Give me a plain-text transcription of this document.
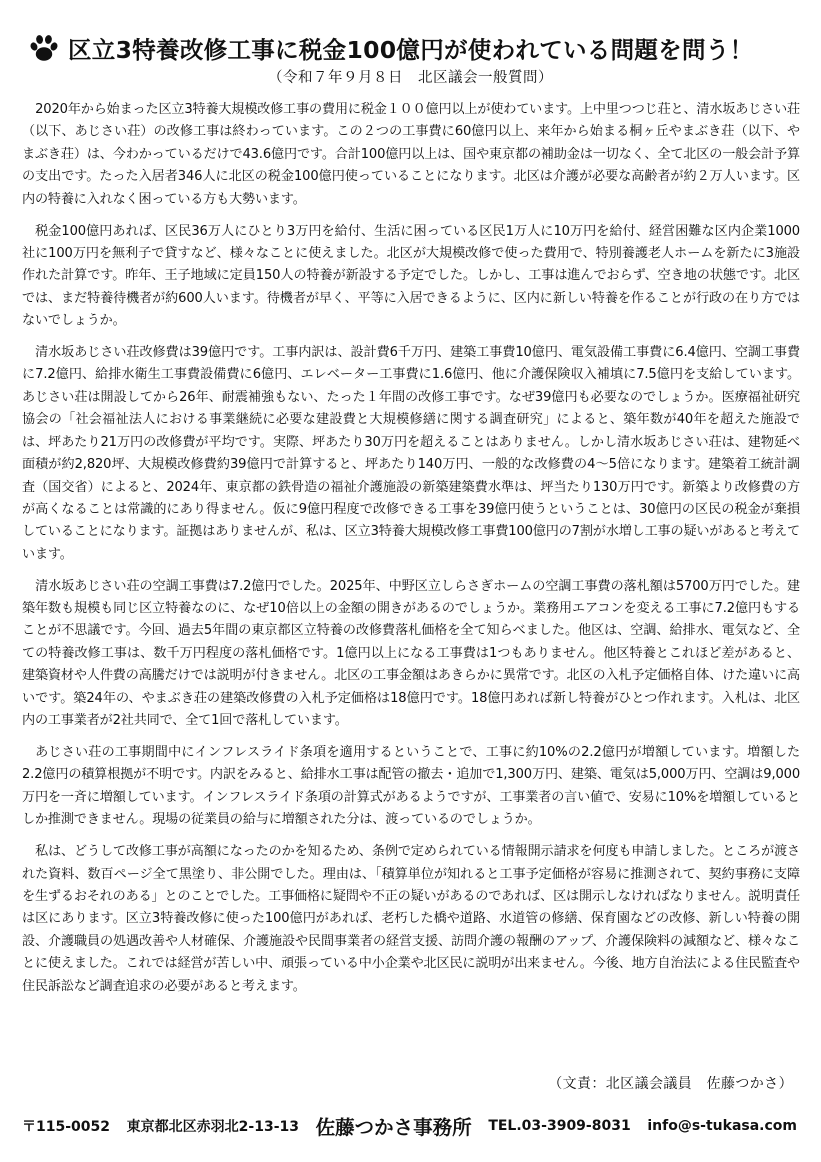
区立3特養改修工事に税金100億円が使われている問題を問う！
（令和７年９月８日　北区議会一般質問）

2020年から始まった区立3特養大規模改修工事の費用に税金１００億円以上が使わています。上中里つつじ荘と、清水坂あじさい荘（以下、あじさい荘）の改修工事は終わっています。この２つの工事費に60億円以上、来年から始まる桐ヶ丘やまぶき荘（以下、やまぶき荘）は、今わかっているだけで43.6億円です。合計100億円以上は、国や東京都の補助金は一切なく、全て北区の一般会計予算の支出です。たった入居者346人に北区の税金100億円使っていることになります。北区は介護が必要な高齢者が約２万人います。区内の特養に入れなく困っている方も大勢います。

税金100億円あれば、区民36万人にひとり3万円を給付、生活に困っている区民1万人に10万円を給付、経営困難な区内企業1000社に100万円を無利子で貸すなど、様々なことに使えました。北区が大規模改修で使った費用で、特別養護老人ホームを新たに3施設作れた計算です。昨年、王子地域に定員150人の特養が新設する予定でした。しかし、工事は進んでおらず、空き地の状態です。北区では、まだ特養待機者が約600人います。待機者が早く、平等に入居できるように、区内に新しい特養を作ることが行政の在り方ではないでしょうか。

清水坂あじさい荘改修費は39億円です。工事内訳は、設計費6千万円、建築工事費10億円、電気設備工事費に6.4億円、空調工事費に7.2億円、給排水衛生工事費設備費に6億円、エレベーター工事費に1.6億円、他に介護保険収入補填に7.5億円を支給しています。あじさい荘は開設してから26年、耐震補強もない、たった１年間の改修工事です。なぜ39億円も必要なのでしょうか。医療福祉研究協会の「社会福祉法人における事業継続に必要な建設費と大規模修繕に関する調査研究」によると、築年数が40年を超えた施設では、坪あたり21万円の改修費が平均です。実際、坪あたり30万円を超えることはありません。しかし清水坂あじさい荘は、建物延べ面積が約2,820坪、大規模改修費約39億円で計算すると、坪あたり140万円、一般的な改修費の4〜5倍になります。建築着工統計調査（国交省）によると、2024年、東京都の鉄骨造の福祉介護施設の新築建築費水準は、坪当たり130万円です。新築より改修費の方が高くなることは常識的にあり得ません。仮に9億円程度で改修できる工事を39億円使うということは、30億円の区民の税金が棄損していることになります。証拠はありませんが、私は、区立3特養大規模改修工事費100億円の7割が水増し工事の疑いがあると考えています。

清水坂あじさい荘の空調工事費は7.2億円でした。2025年、中野区立しらさぎホームの空調工事費の落札額は5700万円でした。建築年数も規模も同じ区立特養なのに、なぜ10倍以上の金額の開きがあるのでしょうか。業務用エアコンを変える工事に7.2億円もすることが不思議です。今回、過去5年間の東京都区立特養の改修費落札価格を全て知らべました。他区は、空調、給排水、電気など、全ての特養改修工事は、数千万円程度の落札価格です。1億円以上になる工事費は1つもありません。他区特養とこれほど差があると、建築資材や人件費の高騰だけでは説明が付きません。北区の工事金額はあきらかに異常です。北区の入札予定価格自体、けた違いに高いです。築24年の、やまぶき荘の建築改修費の入札予定価格は18億円です。18億円あれば新し特養がひとつ作れます。入札は、北区内の工事業者が2社共同で、全て1回で落札しています。

あじさい荘の工事期間中にインフレスライド条項を適用するということで、工事に約10%の2.2億円が増額しています。増額した2.2億円の積算根拠が不明です。内訳をみると、給排水工事は配管の撤去・追加で1,300万円、建築、電気は5,000万円、空調は9,000万円を一斉に増額しています。インフレスライド条項の計算式があるようですが、工事業者の言い値で、安易に10%を増額しているとしか推測できません。現場の従業員の給与に増額された分は、渡っているのでしょうか。

私は、どうして改修工事が高額になったのかを知るため、条例で定められている情報開示請求を何度も申請しました。ところが渡された資料、数百ページ全て黒塗り、非公開でした。理由は、「積算単位が知れると工事予定価格が容易に推測されて、契約事務に支障を生ずるおそれのある」とのことでした。工事価格に疑問や不正の疑いがあるのであれば、区は開示しなければなりません。説明責任は区にあります。区立3特養改修に使った100億円があれば、老朽した橋や道路、水道管の修繕、保育園などの改修、新しい特養の開設、介護職員の処遇改善や人材確保、介護施設や民間事業者の経営支援、訪問介護の報酬のアップ、介護保険料の減額など、様々なことに使えました。これでは経営が苦しい中、頑張っている中小企業や北区民に説明が出来ません。今後、地方自治法による住民監査や住民訴訟など調査追求の必要があると考えます。

（文責：北区議会議員　佐藤つかさ）
〒115-0052 東京都北区赤羽北2-13-13 佐藤つかさ事務所 TEL.03-3909-8031 info@s-tukasa.com
